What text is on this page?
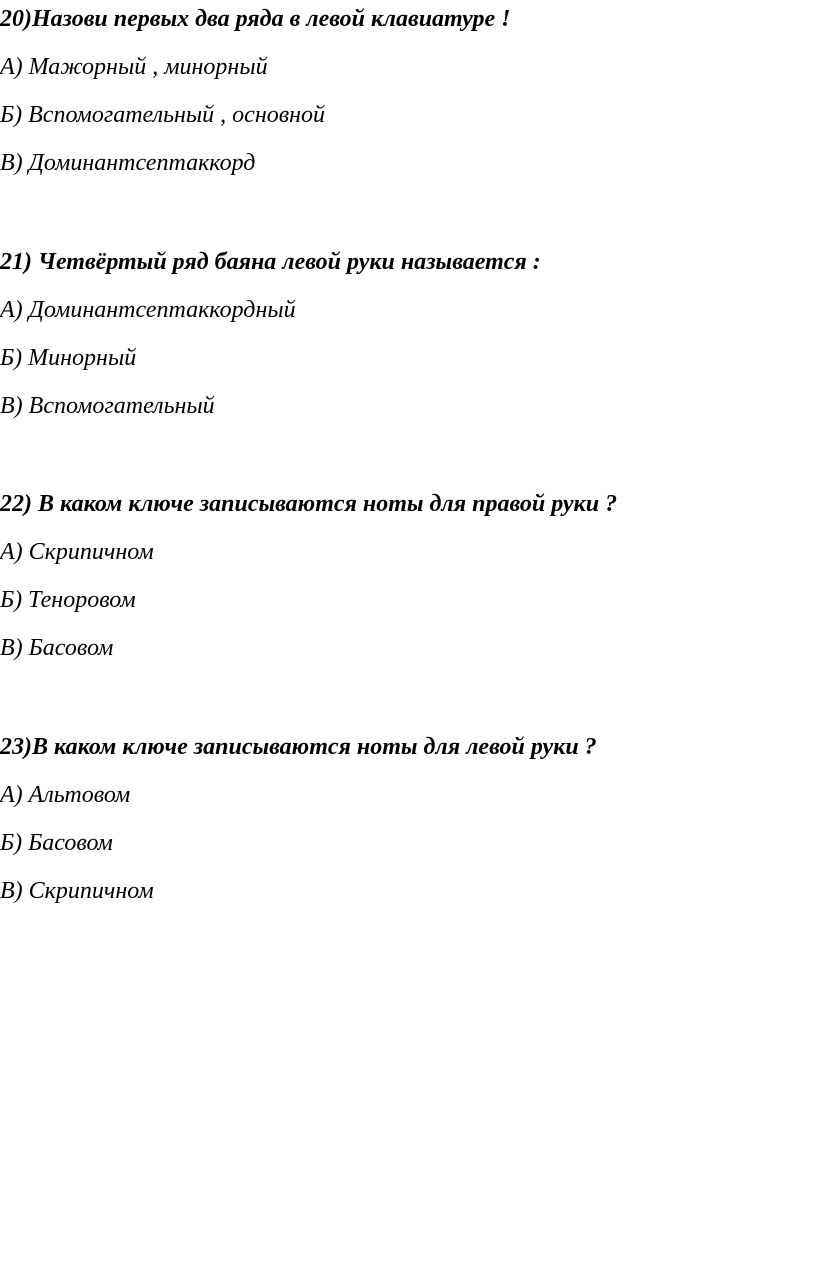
20)Назови первых два ряда в левой клавиатуре !
А) Мажорный , минорный
Б) Вспомогательный , основной
В) Доминантсептаккорд
21) Четвёртый ряд баяна левой руки называется :
А) Доминантсептаккордный
Б) Минорный
В) Вспомогательный
22) В каком ключе записываются ноты для правой руки ?
А) Скрипичном
Б) Теноровом
В) Басовом
23)В каком ключе записываются ноты для левой руки ?
А) Альтовом
Б) Басовом
В) Скрипичном
